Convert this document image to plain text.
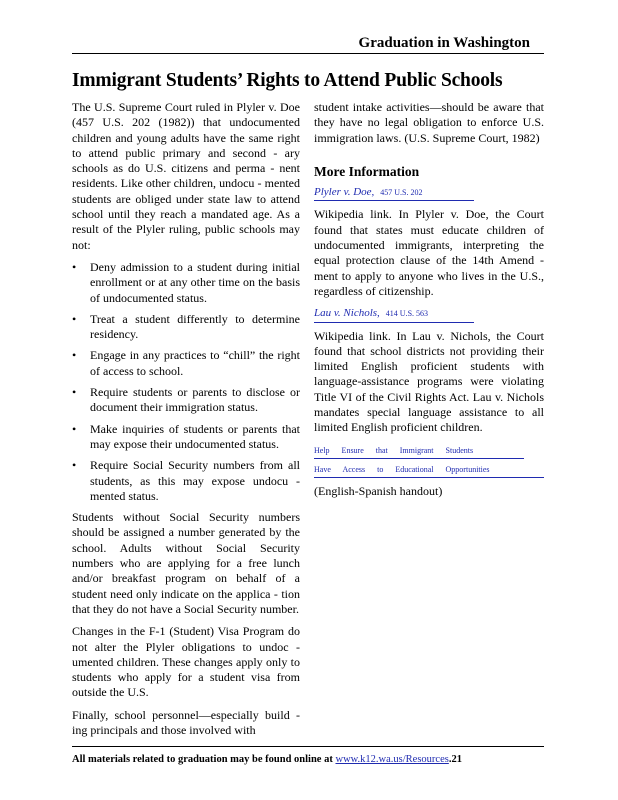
Graduation in Washington
Immigrant Students’ Rights to Attend Public Schools

The U.S. Supreme Court ruled in Plyler v. Doe (457 U.S. 202 (1982)) that undocumented children and young adults have the same right to attend public primary and second - ary schools as do U.S. citizens and perma - nent residents. Like other children, undocu - mented students are obliged under state law to attend school until they reach a mandated age. As a result of the Plyler ruling, public schools may not:

• Deny admission to a student during initial enrollment or at any other time on the basis of undocumented status.
• Treat a student differently to determine residency.
• Engage in any practices to “chill” the right of access to school.
• Require students or parents to disclose or document their immigration status.
• Make inquiries of students or parents that may expose their undocumented status.
• Require Social Security numbers from all students, as this may expose undocu - mented status.

Students without Social Security numbers should be assigned a number generated by the school. Adults without Social Security numbers who are applying for a free lunch and/or breakfast program on behalf of a student need only indicate on the applica - tion that they do not have a Social Security number.

Changes in the F-1 (Student) Visa Program do not alter the Plyler obligations to undoc - umented children. These changes apply only to students who apply for a student visa from outside the U.S.

Finally, school personnel—especially build - ing principals and those involved with

student intake activities—should be aware that they have no legal obligation to enforce U.S. immigration laws. (U.S. Supreme Court, 1982)

More Information
Plyler v. Doe, 457 U.S. 202

Wikipedia link. In Plyler v. Doe, the Court found that states must educate children of undocumented immigrants, interpreting the equal protection clause of the 14th Amend - ment to apply to anyone who lives in the U.S., regardless of citizenship.

Lau v. Nichols, 414 U.S. 563

Wikipedia link. In Lau v. Nichols, the Court found that school districts not providing their limited English proficient students with language-assistance programs were violating Title VI of the Civil Rights Act. Lau v. Nichols mandates special language assistance to all limited English proficient children.

Help Ensure that Immigrant Students
Have Access to Educational Opportunities

(English-Spanish handout)

All materials related to graduation may be found online at www.k12.wa.us/Resources.21
